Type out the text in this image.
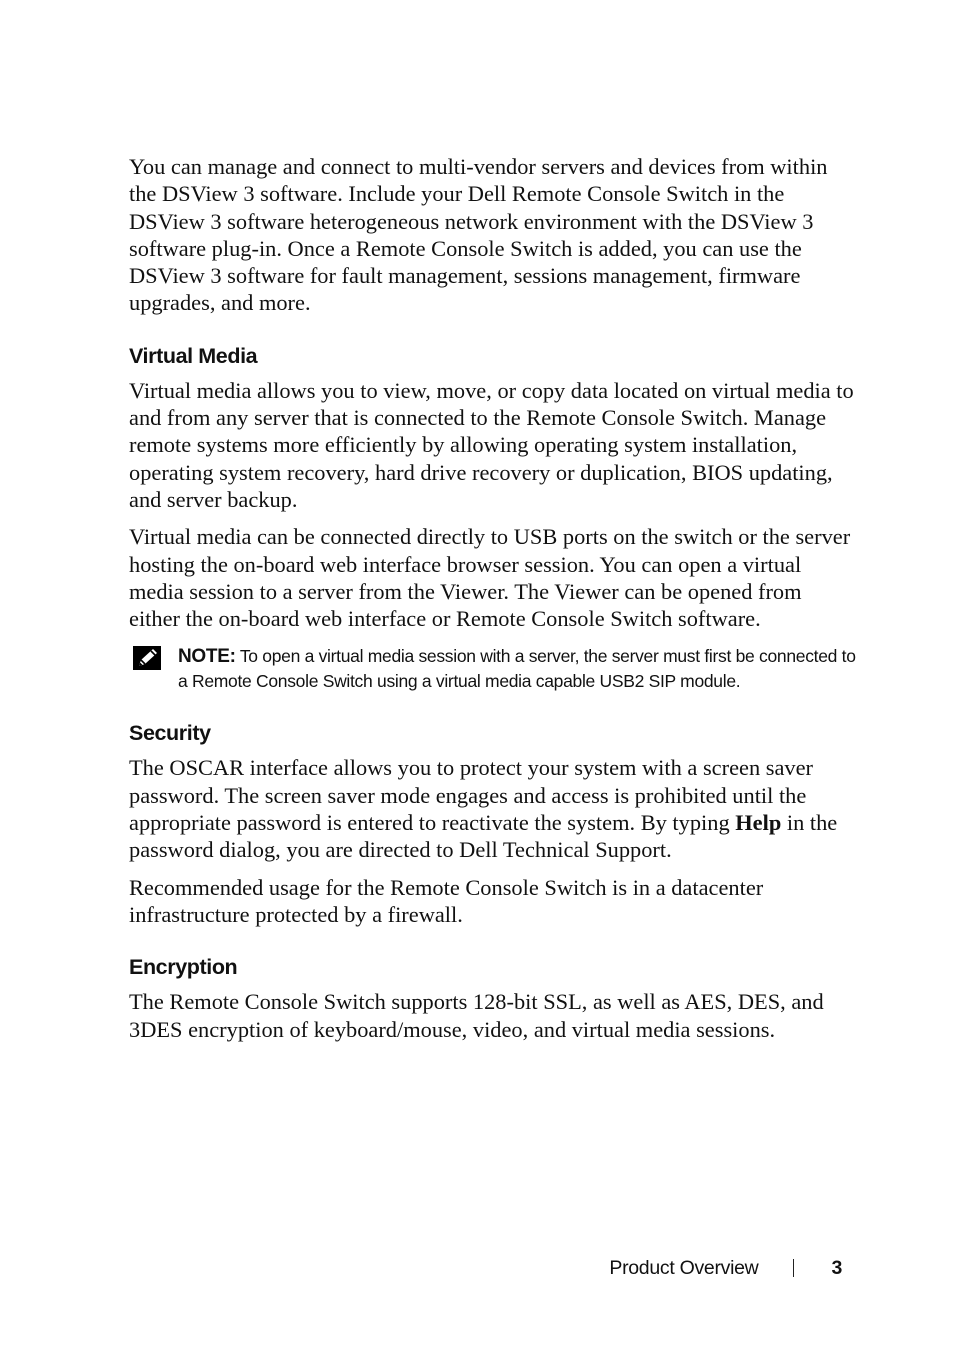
You can manage and connect to multi-vendor servers and devices from within the DSView 3 software. Include your Dell Remote Console Switch in the DSView 3 software heterogeneous network environment with the DSView 3 software plug-in. Once a Remote Console Switch is added, you can use the DSView 3 software for fault management, sessions management, firmware upgrades, and more.

Virtual Media

Virtual media allows you to view, move, or copy data located on virtual media to and from any server that is connected to the Remote Console Switch. Manage remote systems more efficiently by allowing operating system installation, operating system recovery, hard drive recovery or duplication, BIOS updating, and server backup.

Virtual media can be connected directly to USB ports on the switch or the server hosting the on-board web interface browser session. You can open a virtual media session to a server from the Viewer. The Viewer can be opened from either the on-board web interface or Remote Console Switch software.

NOTE: To open a virtual media session with a server, the server must first be connected to a Remote Console Switch using a virtual media capable USB2 SIP module.

Security

The OSCAR interface allows you to protect your system with a screen saver password. The screen saver mode engages and access is prohibited until the appropriate password is entered to reactivate the system. By typing Help in the password dialog, you are directed to Dell Technical Support.

Recommended usage for the Remote Console Switch is in a datacenter infrastructure protected by a firewall.

Encryption

The Remote Console Switch supports 128-bit SSL, as well as AES, DES, and 3DES encryption of keyboard/mouse, video, and virtual media sessions.

Product Overview	3
